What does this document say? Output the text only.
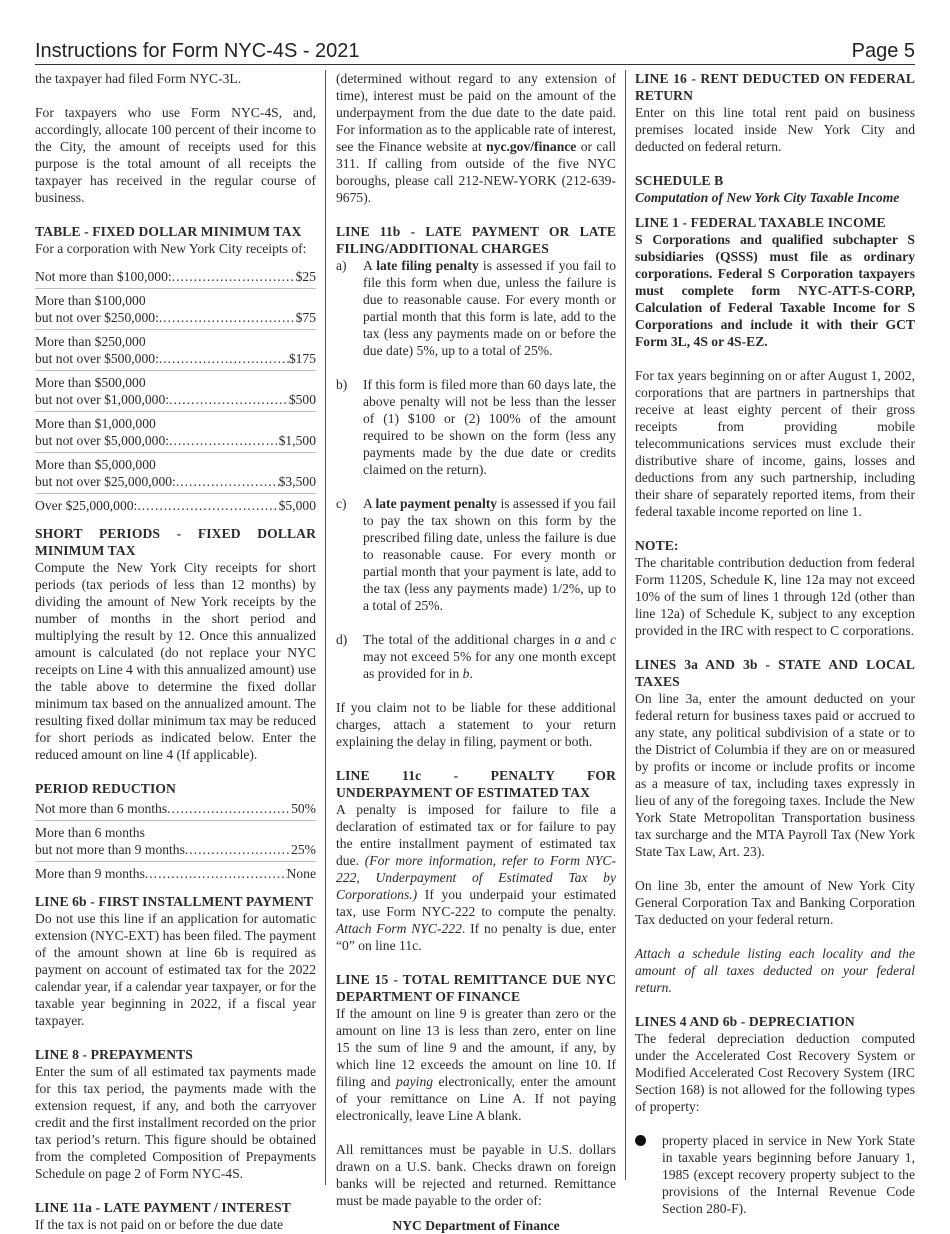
Instructions for Form NYC-4S - 2021	Page 5

the taxpayer had filed Form NYC-3L.

For taxpayers who use Form NYC-4S, and, accordingly, allocate 100 percent of their income to the City, the amount of receipts used for this purpose is the total amount of all receipts the taxpayer has received in the regular course of business.

TABLE - FIXED DOLLAR MINIMUM TAX

For a corporation with New York City receipts of:

Not more than $100,000: .....	$25
More than $100,000
but not over $250,000: .....	$75
More than $250,000
but not over $500,000: .....	$175
More than $500,000
but not over $1,000,000: .....	$500
More than $1,000,000
but not over $5,000,000: .....	$1,500
More than $5,000,000
but not over $25,000,000: .....	$3,500
Over $25,000,000: .....	$5,000

SHORT PERIODS - FIXED DOLLAR MINIMUM TAX

Compute the New York City receipts for short periods (tax periods of less than 12 months) by dividing the amount of New York receipts by the number of months in the short period and multiplying the result by 12. Once this annualized amount is calculated (do not replace your NYC receipts on Line 4 with this annualized amount) use the table above to determine the fixed dollar minimum tax based on the annualized amount. The resulting fixed dollar minimum tax may be reduced for short periods as indicated below. Enter the reduced amount on line 4 (If applicable).

PERIOD REDUCTION

Not more than 6 months .....	50%
More than 6 months
but not more than 9 months .....	25%
More than 9 months .....	None

LINE 6b - FIRST INSTALLMENT PAYMENT

Do not use this line if an application for automatic extension (NYC-EXT) has been filed. The payment of the amount shown at line 6b is required as payment on account of estimated tax for the 2022 calendar year, if a calendar year taxpayer, or for the taxable year beginning in 2022, if a fiscal year taxpayer.

LINE 8 - PREPAYMENTS

Enter the sum of all estimated tax payments made for this tax period, the payments made with the extension request, if any, and both the carryover credit and the first installment recorded on the prior tax period’s return. This figure should be obtained from the completed Composition of Prepayments Schedule on page 2 of Form NYC-4S.

LINE 11a - LATE PAYMENT / INTEREST

If the tax is not paid on or before the due date

(determined without regard to any extension of time), interest must be paid on the amount of the underpayment from the due date to the date paid. For information as to the applicable rate of interest, see the Finance website at nyc.gov/finance or call 311. If calling from outside of the five NYC boroughs, please call 212-NEW-YORK (212-639-9675).

LINE 11b - LATE PAYMENT OR LATE FILING/ADDITIONAL CHARGES

a)	A late filing penalty is assessed if you fail to file this form when due, unless the failure is due to reasonable cause. For every month or partial month that this form is late, add to the tax (less any payments made on or before the due date) 5%, up to a total of 25%.
b)	If this form is filed more than 60 days late, the above penalty will not be less than the lesser of (1) $100 or (2) 100% of the amount required to be shown on the form (less any payments made by the due date or credits claimed on the return).
c)	A late payment penalty is assessed if you fail to pay the tax shown on this form by the prescribed filing date, unless the failure is due to reasonable cause. For every month or partial month that your payment is late, add to the tax (less any payments made) 1/2%, up to a total of 25%.
d)	The total of the additional charges in a and c may not exceed 5% for any one month except as provided for in b.

If you claim not to be liable for these additional charges, attach a statement to your return explaining the delay in filing, payment or both.

LINE 11c - PENALTY FOR UNDERPAYMENT OF ESTIMATED TAX

A penalty is imposed for failure to file a declaration of estimated tax or for failure to pay the entire installment payment of estimated tax due. (For more information, refer to Form NYC-222, Underpayment of Estimated Tax by Corporations.) If you underpaid your estimated tax, use Form NYC-222 to compute the penalty. Attach Form NYC-222. If no penalty is due, enter “0” on line 11c.

LINE 15 - TOTAL REMITTANCE DUE NYC DEPARTMENT OF FINANCE

If the amount on line 9 is greater than zero or the amount on line 13 is less than zero, enter on line 15 the sum of line 9 and the amount, if any, by which line 12 exceeds the amount on line 10. If filing and paying electronically, enter the amount of your remittance on Line A. If not paying electronically, leave Line A blank.

All remittances must be payable in U.S. dollars drawn on a U.S. bank. Checks drawn on foreign banks will be rejected and returned. Remittance must be made payable to the order of:

NYC Department of Finance

LINE 16 - RENT DEDUCTED ON FEDERAL RETURN

Enter on this line total rent paid on business premises located inside New York City and deducted on federal return.

SCHEDULE B

Computation of New York City Taxable Income

LINE 1 - FEDERAL TAXABLE INCOME

S Corporations and qualified subchapter S subsidiaries (QSSS) must file as ordinary corporations. Federal S Corporation taxpayers must complete form NYC-ATT-S-CORP, Calculation of Federal Taxable Income for S Corporations and include it with their GCT Form 3L, 4S or 4S-EZ.

For tax years beginning on or after August 1, 2002, corporations that are partners in partnerships that receive at least eighty percent of their gross receipts from providing mobile telecommunications services must exclude their distributive share of income, gains, losses and deductions from any such partnership, including their share of separately reported items, from their federal taxable income reported on line 1.

NOTE:

The charitable contribution deduction from federal Form 1120S, Schedule K, line 12a may not exceed 10% of the sum of lines 1 through 12d (other than line 12a) of Schedule K, subject to any exception provided in the IRC with respect to C corporations.

LINES 3a AND 3b - STATE AND LOCAL TAXES

On line 3a, enter the amount deducted on your federal return for business taxes paid or accrued to any state, any political subdivision of a state or to the District of Columbia if they are on or measured by profits or income or include profits or income as a measure of tax, including taxes expressly in lieu of any of the foregoing taxes. Include the New York State Metropolitan Transportation business tax surcharge and the MTA Payroll Tax (New York State Tax Law, Art. 23).

On line 3b, enter the amount of New York City General Corporation Tax and Banking Corporation Tax deducted on your federal return.

Attach a schedule listing each locality and the amount of all taxes deducted on your federal return.

LINES 4 AND 6b - DEPRECIATION

The federal depreciation deduction computed under the Accelerated Cost Recovery System or Modified Accelerated Cost Recovery System (IRC Section 168) is not allowed for the following types of property:

property placed in service in New York State in taxable years beginning before January 1, 1985 (except recovery property subject to the provisions of the Internal Revenue Code Section 280-F).
